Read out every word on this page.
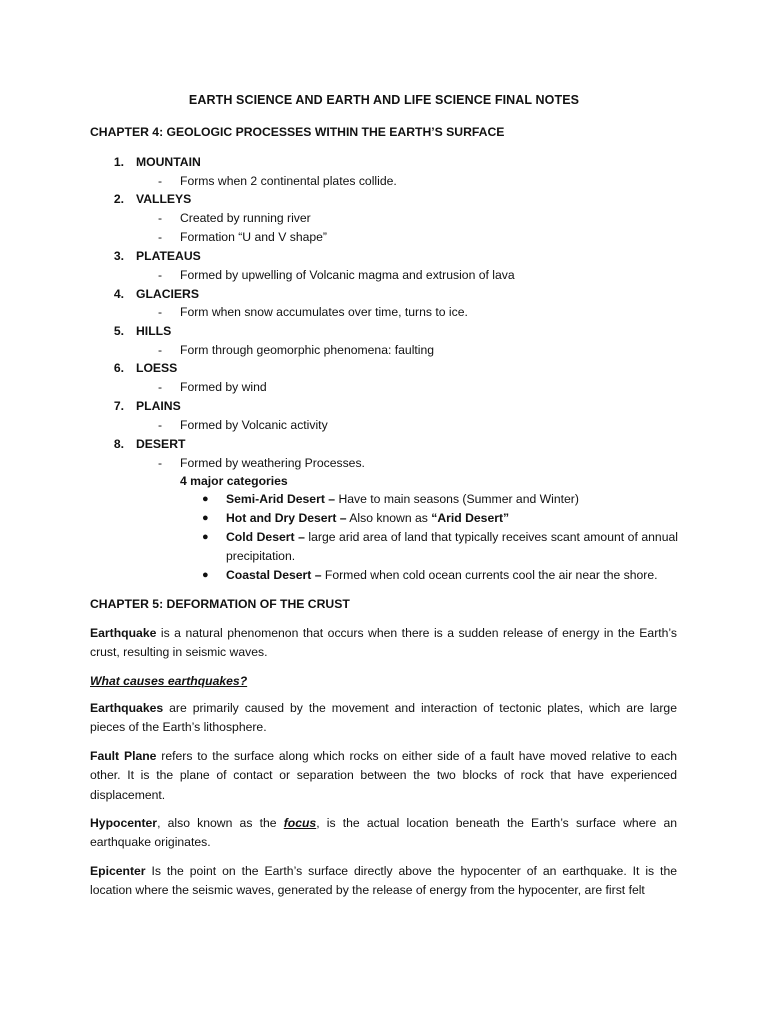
EARTH SCIENCE AND EARTH AND LIFE SCIENCE FINAL NOTES
CHAPTER 4: GEOLOGIC PROCESSES WITHIN THE EARTH’S SURFACE
1. MOUNTAIN
- Forms when 2 continental plates collide.
2. VALLEYS
- Created by running river
- Formation “U and V shape”
3. PLATEAUS
- Formed by upwelling of Volcanic magma and extrusion of lava
4. GLACIERS
- Form when snow accumulates over time, turns to ice.
5. HILLS
- Form through geomorphic phenomena: faulting
6. LOESS
- Formed by wind
7. PLAINS
- Formed by Volcanic activity
8. DESERT
- Formed by weathering Processes.
4 major categories
● Semi-Arid Desert – Have to main seasons (Summer and Winter)
● Hot and Dry Desert – Also known as “Arid Desert”
● Cold Desert – large arid area of land that typically receives scant amount of annual precipitation.
● Coastal Desert – Formed when cold ocean currents cool the air near the shore.
CHAPTER 5: DEFORMATION OF THE CRUST
Earthquake is a natural phenomenon that occurs when there is a sudden release of energy in the Earth’s crust, resulting in seismic waves.
What causes earthquakes?
Earthquakes are primarily caused by the movement and interaction of tectonic plates, which are large pieces of the Earth’s lithosphere.
Fault Plane refers to the surface along which rocks on either side of a fault have moved relative to each other. It is the plane of contact or separation between the two blocks of rock that have experienced displacement.
Hypocenter, also known as the focus, is the actual location beneath the Earth’s surface where an earthquake originates.
Epicenter Is the point on the Earth’s surface directly above the hypocenter of an earthquake. It is the location where the seismic waves, generated by the release of energy from the hypocenter, are first felt
